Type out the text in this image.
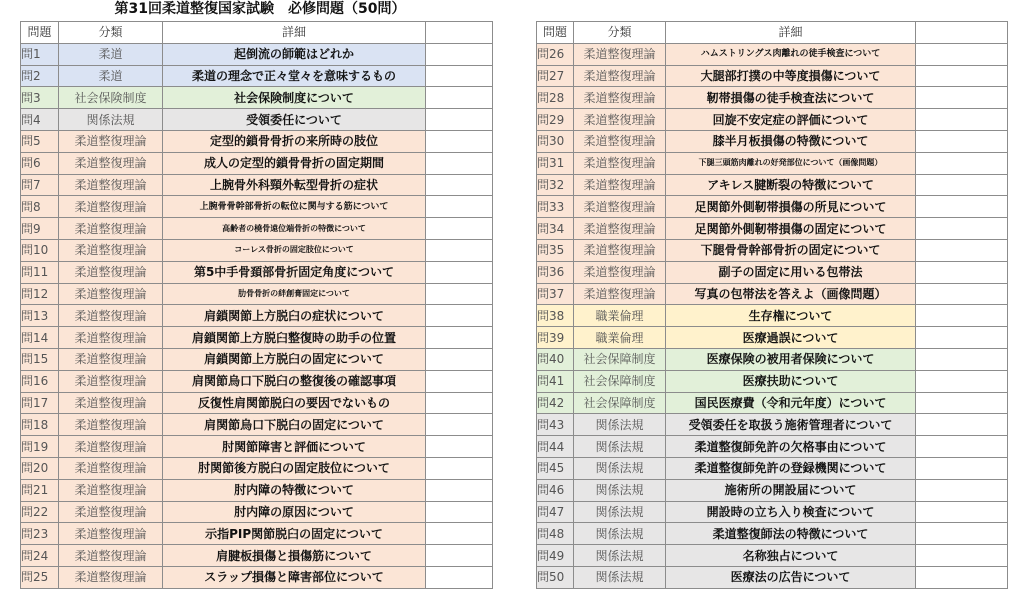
第31回柔道整復国家試験　必修問題（50問）
問題	分類	詳細	
問1	柔道	起倒流の師範はどれか	
問2	柔道	柔道の理念で正々堂々を意味するもの	
問3	社会保険制度	社会保険制度について	
問4	関係法規	受領委任について	
問5	柔道整復理論	定型的鎖骨骨折の来所時の肢位	
問6	柔道整復理論	成人の定型的鎖骨骨折の固定期間	
問7	柔道整復理論	上腕骨外科頸外転型骨折の症状	
問8	柔道整復理論	上腕骨骨幹部骨折の転位に関与する筋について	
問9	柔道整復理論	高齢者の橈骨遠位端骨折の特徴について	
問10	柔道整復理論	コーレス骨折の固定肢位について	
問11	柔道整復理論	第5中手骨頚部骨折固定角度について	
問12	柔道整復理論	肋骨骨折の絆創膏固定について	
問13	柔道整復理論	肩鎖関節上方脱臼の症状について	
問14	柔道整復理論	肩鎖関節上方脱臼整復時の助手の位置	
問15	柔道整復理論	肩鎖関節上方脱臼の固定について	
問16	柔道整復理論	肩関節烏口下脱臼の整復後の確認事項	
問17	柔道整復理論	反復性肩関節脱臼の要因でないもの	
問18	柔道整復理論	肩関節烏口下脱臼の固定について	
問19	柔道整復理論	肘関節障害と評価について	
問20	柔道整復理論	肘関節後方脱臼の固定肢位について	
問21	柔道整復理論	肘内障の特徴について	
問22	柔道整復理論	肘内障の原因について	
問23	柔道整復理論	示指PIP関節脱臼の固定について	
問24	柔道整復理論	肩腱板損傷と損傷筋について	
問25	柔道整復理論	スラップ損傷と障害部位について	
問題	分類	詳細	
問26	柔道整復理論	ハムストリングス肉離れの徒手検査について	
問27	柔道整復理論	大腿部打撲の中等度損傷について	
問28	柔道整復理論	靭帯損傷の徒手検査法について	
問29	柔道整復理論	回旋不安定症の評価について	
問30	柔道整復理論	膝半月板損傷の特徴について	
問31	柔道整復理論	下腿三頭筋肉離れの好発部位について（画像問題）	
問32	柔道整復理論	アキレス腱断裂の特徴について	
問33	柔道整復理論	足関節外側靭帯損傷の所見について	
問34	柔道整復理論	足関節外側靭帯損傷の固定について	
問35	柔道整復理論	下腿骨骨幹部骨折の固定について	
問36	柔道整復理論	副子の固定に用いる包帯法	
問37	柔道整復理論	写真の包帯法を答えよ（画像問題）	
問38	職業倫理	生存権について	
問39	職業倫理	医療過誤について	
問40	社会保障制度	医療保険の被用者保険について	
問41	社会保障制度	医療扶助について	
問42	社会保障制度	国民医療費（令和元年度）について	
問43	関係法規	受領委任を取扱う施術管理者について	
問44	関係法規	柔道整復師免許の欠格事由について	
問45	関係法規	柔道整復師免許の登録機関について	
問46	関係法規	施術所の開設届について	
問47	関係法規	開設時の立ち入り検査について	
問48	関係法規	柔道整復師法の特徴について	
問49	関係法規	名称独占について	
問50	関係法規	医療法の広告について	
